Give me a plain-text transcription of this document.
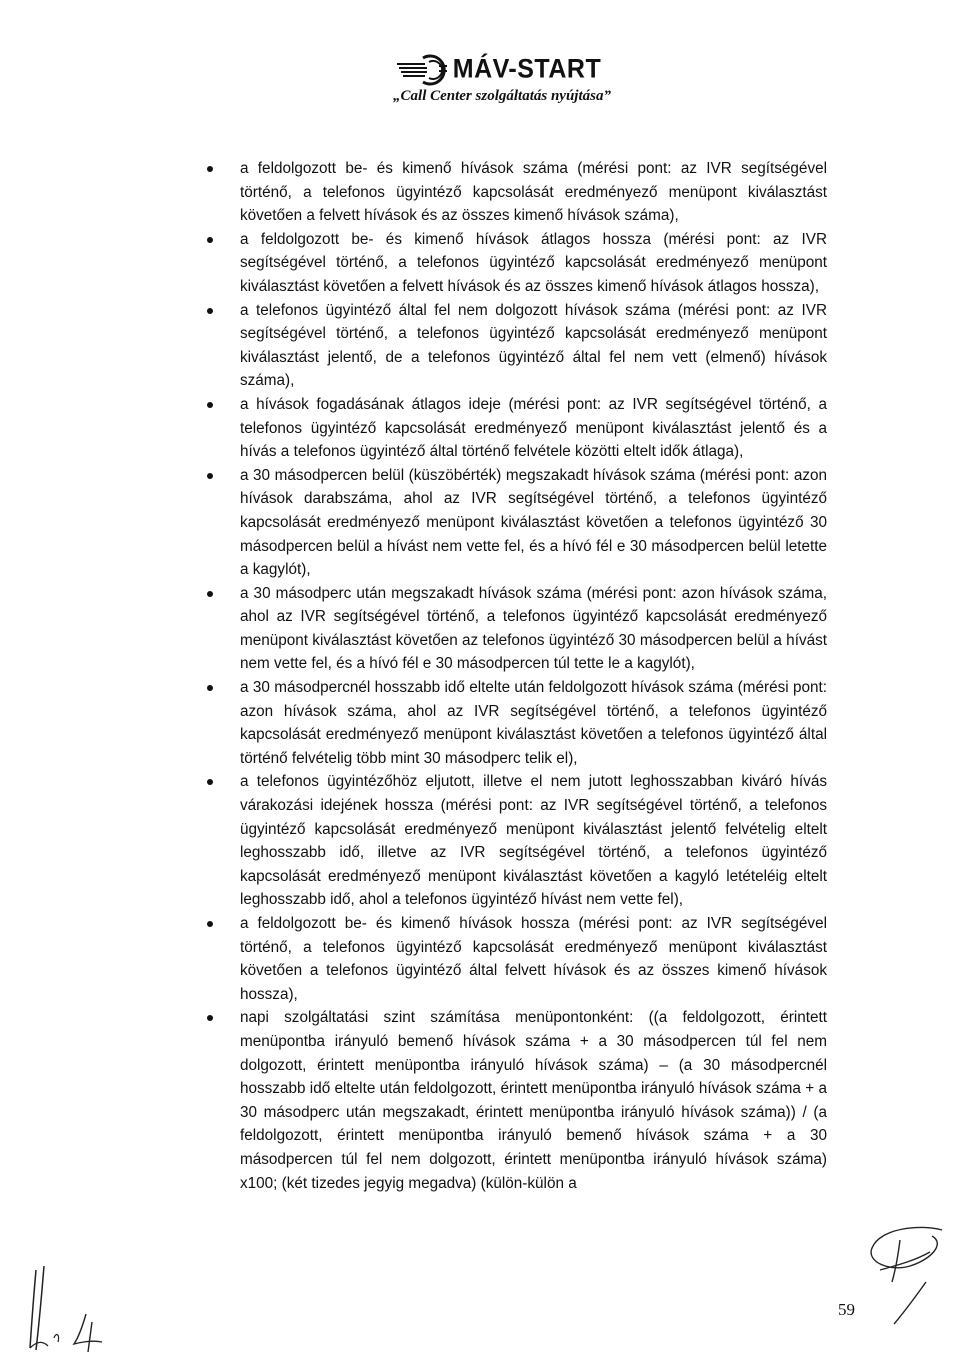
MÁV-START
„Call Center szolgáltatás nyújtása”
a feldolgozott be- és kimenő hívások száma (mérési pont: az IVR segítségével történő, a telefonos ügyintéző kapcsolását eredményező menüpont kiválasztást követően a felvett hívások és az összes kimenő hívások száma),
a feldolgozott be- és kimenő hívások átlagos hossza (mérési pont: az IVR segítségével történő, a telefonos ügyintéző kapcsolását eredményező menüpont kiválasztást követően a felvett hívások és az összes kimenő hívások átlagos hossza),
a telefonos ügyintéző által fel nem dolgozott hívások száma (mérési pont: az IVR segítségével történő, a telefonos ügyintéző kapcsolását eredményező menüpont kiválasztást jelentő, de a telefonos ügyintéző által fel nem vett (elmenő) hívások száma),
a hívások fogadásának átlagos ideje (mérési pont: az IVR segítségével történő, a telefonos ügyintéző kapcsolását eredményező menüpont kiválasztást jelentő és a hívás a telefonos ügyintéző által történő felvétele közötti eltelt idők átlaga),
a 30 másodpercen belül (küszöbérték) megszakadt hívások száma (mérési pont: azon hívások darabszáma, ahol az IVR segítségével történő, a telefonos ügyintéző kapcsolását eredményező menüpont kiválasztást követően a telefonos ügyintéző 30 másodpercen belül a hívást nem vette fel, és a hívó fél e 30 másodpercen belül letette a kagylót),
a 30 másodperc után megszakadt hívások száma (mérési pont: azon hívások száma, ahol az IVR segítségével történő, a telefonos ügyintéző kapcsolását eredményező menüpont kiválasztást követően az telefonos ügyintéző 30 másodpercen belül a hívást nem vette fel, és a hívó fél e 30 másodpercen túl tette le a kagylót),
a 30 másodpercnél hosszabb idő eltelte után feldolgozott hívások száma (mérési pont: azon hívások száma, ahol az IVR segítségével történő, a telefonos ügyintéző kapcsolását eredményező menüpont kiválasztást követően a telefonos ügyintéző által történő felvételig több mint 30 másodperc telik el),
a telefonos ügyintézőhöz eljutott, illetve el nem jutott leghosszabban kiváró hívás várakozási idejének hossza (mérési pont: az IVR segítségével történő, a telefonos ügyintéző kapcsolását eredményező menüpont kiválasztást jelentő felvételig eltelt leghosszabb idő, illetve az IVR segítségével történő, a telefonos ügyintéző kapcsolását eredményező menüpont kiválasztást követően a kagyló letételéig eltelt leghosszabb idő, ahol a telefonos ügyintéző hívást nem vette fel),
a feldolgozott be- és kimenő hívások hossza (mérési pont: az IVR segítségével történő, a telefonos ügyintéző kapcsolását eredményező menüpont kiválasztást követően a telefonos ügyintéző által felvett hívások és az összes kimenő hívások hossza),
napi szolgáltatási szint számítása menüpontonként: ((a feldolgozott, érintett menüpontba irányuló bemenő hívások száma + a 30 másodpercen túl fel nem dolgozott, érintett menüpontba irányuló hívások száma) – (a 30 másodpercnél hosszabb idő eltelte után feldolgozott, érintett menüpontba irányuló hívások száma + a 30 másodperc után megszakadt, érintett menüpontba irányuló hívások száma)) / (a feldolgozott, érintett menüpontba irányuló bemenő hívások száma + a 30 másodpercen túl fel nem dolgozott, érintett menüpontba irányuló hívások száma) x100; (két tizedes jegyig megadva) (külön-külön a
59
